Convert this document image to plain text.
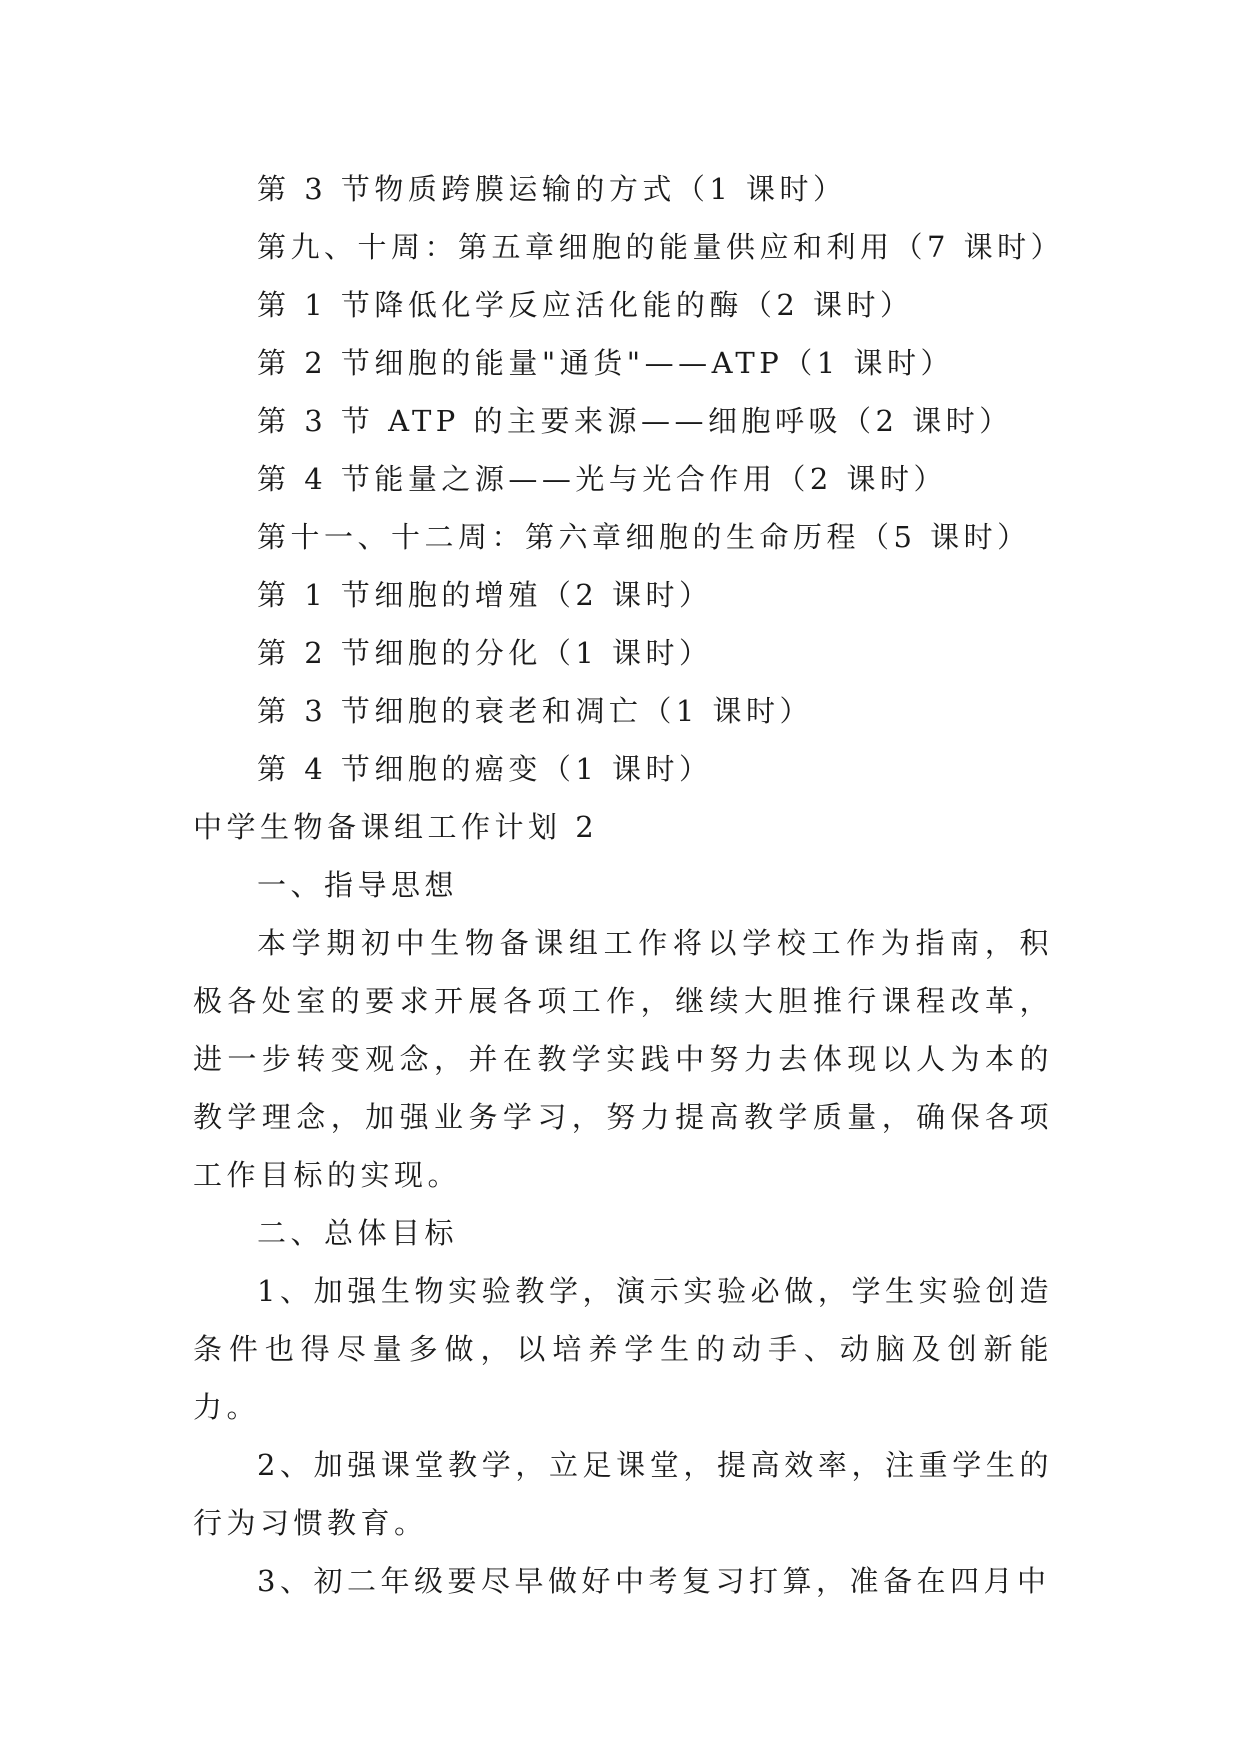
第 3 节物质跨膜运输的方式（1 课时）
第九、十周：第五章细胞的能量供应和利用（7 课时）
第 1 节降低化学反应活化能的酶（2 课时）
第 2 节细胞的能量"通货"——ATP（1 课时）
第 3 节 ATP 的主要来源——细胞呼吸（2 课时）
第 4 节能量之源——光与光合作用（2 课时）
第十一、十二周：第六章细胞的生命历程（5 课时）
第 1 节细胞的增殖（2 课时）
第 2 节细胞的分化（1 课时）
第 3 节细胞的衰老和凋亡（1 课时）
第 4 节细胞的癌变（1 课时）
中学生物备课组工作计划 2
一、指导思想

本学期初中生物备课组工作将以学校工作为指南，积极各处室的要求开展各项工作，继续大胆推行课程改革，进一步转变观念，并在教学实践中努力去体现以人为本的教学理念，加强业务学习，努力提高教学质量，确保各项工作目标的实现。

二、总体目标

1、加强生物实验教学，演示实验必做，学生实验创造条件也得尽量多做，以培养学生的动手、动脑及创新能力。

2、加强课堂教学，立足课堂，提高效率，注重学生的行为习惯教育。

3、初二年级要尽早做好中考复习打算，准备在四月中
